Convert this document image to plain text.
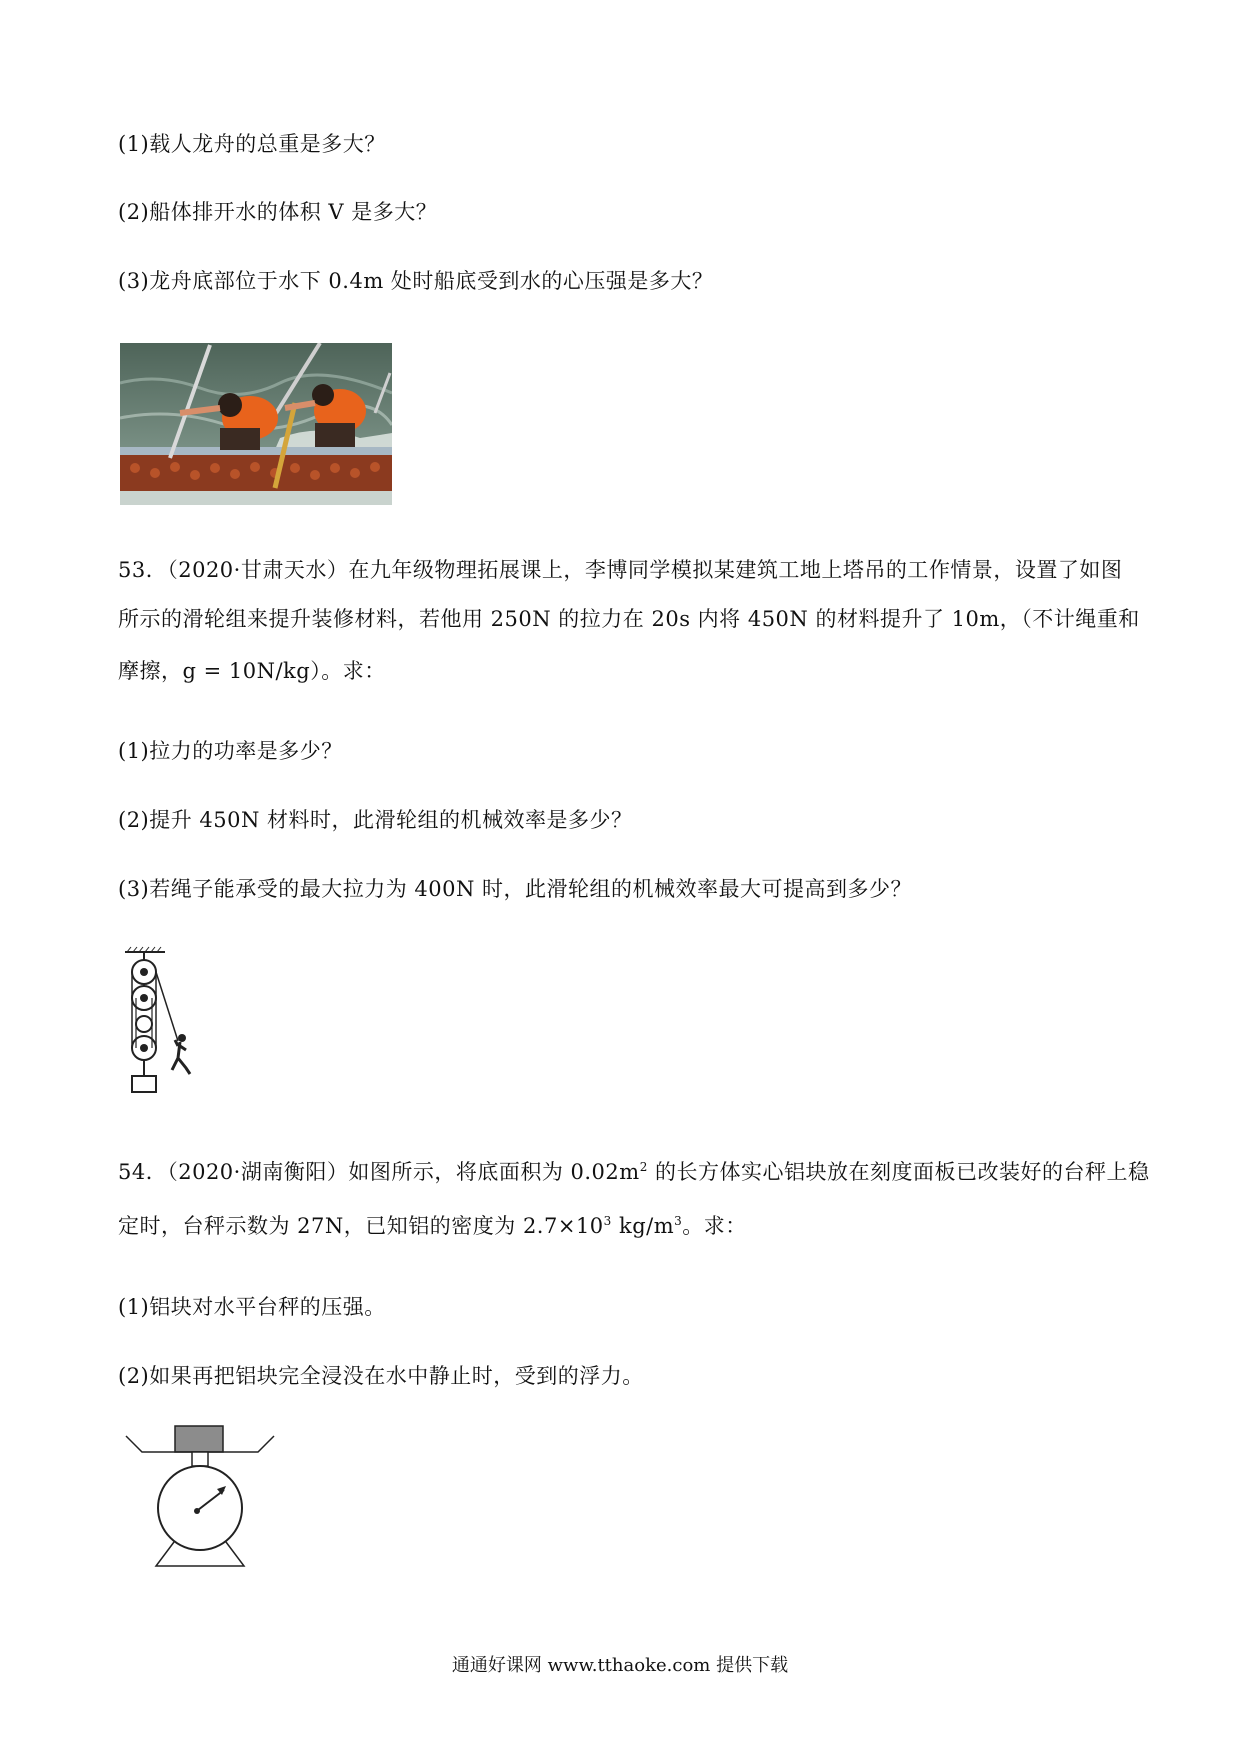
(1)载人龙舟的总重是多大？
(2)船体排开水的体积 V 是多大？
(3)龙舟底部位于水下 0.4m 处时船底受到水的心压强是多大？
53．（2020·甘肃天水）在九年级物理拓展课上，李博同学模拟某建筑工地上塔吊的工作情景，设置了如图
所示的滑轮组来提升装修材料，若他用 250N 的拉力在 20s 内将 450N 的材料提升了 10m，（不计绳重和
摩擦，g = 10N/kg）。求：
(1)拉力的功率是多少？
(2)提升 450N 材料时，此滑轮组的机械效率是多少？
(3)若绳子能承受的最大拉力为 400N 时，此滑轮组的机械效率最大可提高到多少？
54．（2020·湖南衡阳）如图所示，将底面积为 $0.02m^2$ 的长方体实心铝块放在刻度面板已改装好的台秤上稳
定时，台秤示数为 27N，已知铝的密度为 $2.7\times 10^3$ $kg/m^3$。求：
(1)铝块对水平台秤的压强。
(2)如果再把铝块完全浸没在水中静止时，受到的浮力。
通通好课网 www.tthaoke.com 提供下载
